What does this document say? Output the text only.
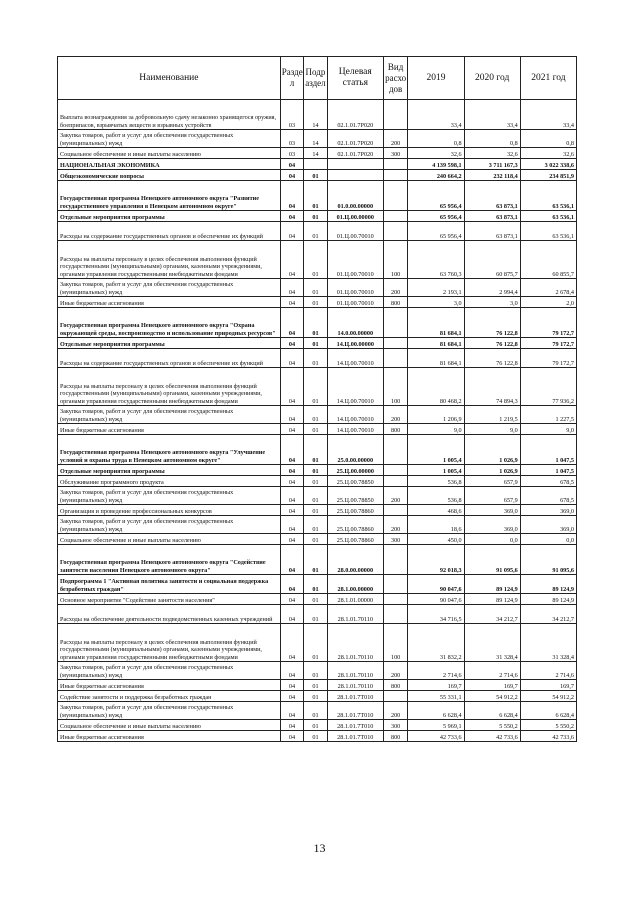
Наименование	Разде л	Подр аздел	Целевая статья	Вид расхо дов	2019	2020 год	2021 год
Выплата вознаграждения за добровольную сдачу незаконно хранящегося оружия, боеприпасов, взрывчатых веществ и взрывных устройств	03	14	02.1.01.7Р020		33,4	33,4	33,4
Закупка товаров, работ и услуг для обеспечения государственных (муниципальных) нужд	03	14	02.1.01.7Р020	200	0,8	0,8	0,8
Социальное обеспечение и иные выплаты населению	03	14	02.1.01.7Р020	300	32,6	32,6	32,6
НАЦИОНАЛЬНАЯ ЭКОНОМИКА	04				4 139 598,1	3 711 167,3	3 022 338,6
Общеэкономические вопросы	04	01			240 664,2	232 118,4	234 851,9
Государственная программа Ненецкого автономного округа "Развитие государственного управления в Ненецком автономном округе"	04	01	01.0.00.00000		65 956,4	63 873,1	63 536,1
Отдельные мероприятия программы	04	01	01.Ц.00.00000		65 956,4	63 873,1	63 536,1
Расходы на содержание государственных органов и обеспечение их функций	04	01	01.Ц.00.70010		65 956,4	63 873,1	63 536,1
Расходы на выплаты персоналу в целях обеспечения выполнения функций государственными (муниципальными) органами, казенными учреждениями, органами управления государственными внебюджетными фондами	04	01	01.Ц.00.70010	100	63 760,3	60 875,7	60 855,7
Закупка товаров, работ и услуг для обеспечения государственных (муниципальных) нужд	04	01	01.Ц.00.70010	200	2 193,1	2 994,4	2 678,4
Иные бюджетные ассигнования	04	01	01.Ц.00.70010	800	3,0	3,0	2,0
Государственная программа Ненецкого автономного округа "Охрана окружающей среды, воспроизводство и использование природных ресурсов"	04	01	14.0.00.00000		81 684,1	76 122,8	79 172,7
Отдельные мероприятия программы	04	01	14.Ц.00.00000		81 684,1	76 122,8	79 172,7
Расходы на содержание государственных органов и обеспечение их функций	04	01	14.Ц.00.70010		81 684,1	76 122,8	79 172,7
Расходы на выплаты персоналу в целях обеспечения выполнения функций государственными (муниципальными) органами, казенными учреждениями, органами управления государственными внебюджетными фондами	04	01	14.Ц.00.70010	100	80 468,2	74 894,3	77 936,2
Закупка товаров, работ и услуг для обеспечения государственных (муниципальных) нужд	04	01	14.Ц.00.70010	200	1 206,9	1 219,5	1 227,5
Иные бюджетные ассигнования	04	01	14.Ц.00.70010	800	9,0	9,0	9,0
Государственная программа Ненецкого автономного округа "Улучшение условий и охраны труда в Ненецком автономном округе"	04	01	25.0.00.00000		1 005,4	1 026,9	1 047,5
Отдельные мероприятия программы	04	01	25.Ц.00.00000		1 005,4	1 026,9	1 047,5
Обслуживание программного продукта	04	01	25.Ц.00.78850		536,8	657,9	678,5
Закупка товаров, работ и услуг для обеспечения государственных (муниципальных) нужд	04	01	25.Ц.00.78850	200	536,8	657,9	678,5
Организация и проведение профессиональных конкурсов	04	01	25.Ц.00.78860		468,6	369,0	369,0
Закупка товаров, работ и услуг для обеспечения государственных (муниципальных) нужд	04	01	25.Ц.00.78860	200	18,6	369,0	369,0
Социальное обеспечение и иные выплаты населению	04	01	25.Ц.00.78860	300	450,0	0,0	0,0
Государственная программа Ненецкого автономного округа "Содействие занятости населения Ненецкого автономного округа"	04	01	28.0.00.00000		92 018,3	91 095,6	91 095,6
Подпрограмма 1 "Активная политика занятости и социальная поддержка безработных граждан"	04	01	28.1.00.00000		90 047,6	89 124,9	89 124,9
Основное мероприятие "Содействие занятости населения"	04	01	28.1.01.00000		90 047,6	89 124,9	89 124,9
Расходы на обеспечение деятельности подведомственных казенных учреждений	04	01	28.1.01.70110		34 716,5	34 212,7	34 212,7
Расходы на выплаты персоналу в целях обеспечения выполнения функций государственными (муниципальными) органами, казенными учреждениями, органами управления государственными внебюджетными фондами	04	01	28.1.01.70110	100	31 832,2	31 328,4	31 328,4
Закупка товаров, работ и услуг для обеспечения государственных (муниципальных) нужд	04	01	28.1.01.70110	200	2 714,6	2 714,6	2 714,6
Иные бюджетные ассигнования	04	01	28.1.01.70110	800	169,7	169,7	169,7
Содействие занятости и поддержка безработных граждан	04	01	28.1.01.7Т010		55 331,1	54 912,2	54 912,2
Закупка товаров, работ и услуг для обеспечения государственных (муниципальных) нужд	04	01	28.1.01.7Т010	200	6 628,4	6 628,4	6 628,4
Социальное обеспечение и иные выплаты населению	04	01	28.1.01.7Т010	300	5 969,1	5 550,2	5 550,2
Иные бюджетные ассигнования	04	01	28.1.01.7Т010	800	42 733,6	42 733,6	42 733,6
13
